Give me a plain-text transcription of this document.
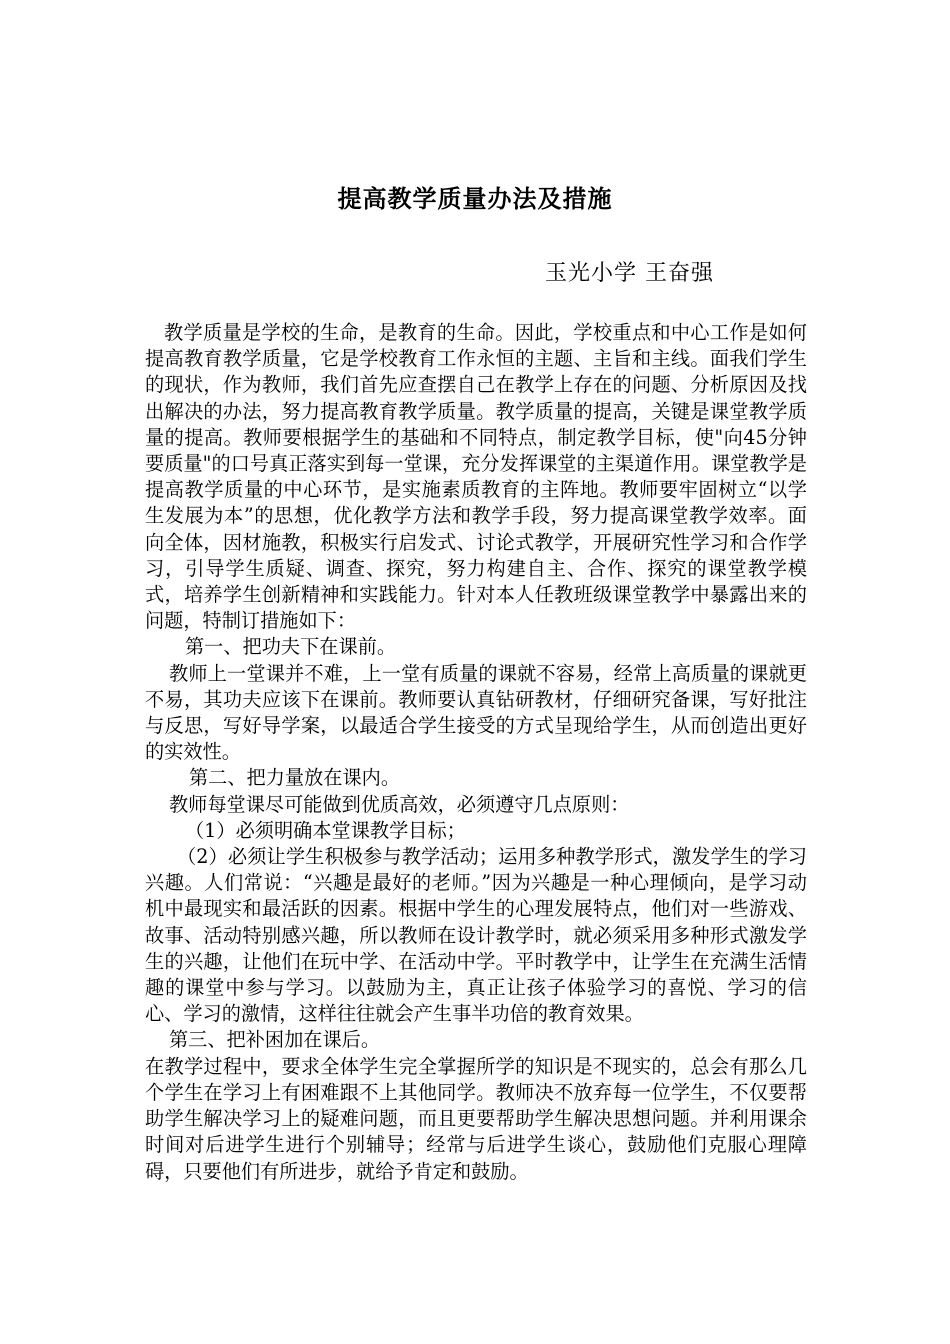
提高教学质量办法及措施
玉光小学 王奋强

教学质量是学校的生命，是教育的生命。因此，学校重点和中心工作是如何提高教育教学质量，它是学校教育工作永恒的主题、主旨和主线。面我们学生的现状，作为教师，我们首先应查摆自己在教学上存在的问题、分析原因及找出解决的办法，努力提高教育教学质量。教学质量的提高，关键是课堂教学质量的提高。教师要根据学生的基础和不同特点，制定教学目标，使"向45分钟要质量"的口号真正落实到每一堂课，充分发挥课堂的主渠道作用。课堂教学是提高教学质量的中心环节，是实施素质教育的主阵地。教师要牢固树立“以学生发展为本”的思想，优化教学方法和教学手段，努力提高课堂教学效率。面向全体，因材施教，积极实行启发式、讨论式教学，开展研究性学习和合作学习，引导学生质疑、调查、探究，努力构建自主、合作、探究的课堂教学模式，培养学生创新精神和实践能力。针对本人任教班级课堂教学中暴露出来的问题，特制订措施如下：

第一、把功夫下在课前。

教师上一堂课并不难，上一堂有质量的课就不容易，经常上高质量的课就更不易，其功夫应该下在课前。教师要认真钻研教材，仔细研究备课，写好批注与反思，写好导学案，以最适合学生接受的方式呈现给学生，从而创造出更好的实效性。

第二、把力量放在课内。

教师每堂课尽可能做到优质高效，必须遵守几点原则：

（1）必须明确本堂课教学目标；

（2）必须让学生积极参与教学活动；运用多种教学形式，激发学生的学习兴趣。人们常说：“兴趣是最好的老师。”因为兴趣是一种心理倾向，是学习动机中最现实和最活跃的因素。根据中学生的心理发展特点，他们对一些游戏、故事、活动特别感兴趣，所以教师在设计教学时，就必须采用多种形式激发学生的兴趣，让他们在玩中学、在活动中学。平时教学中，让学生在充满生活情趣的课堂中参与学习。以鼓励为主，真正让孩子体验学习的喜悦、学习的信心、学习的激情，这样往往就会产生事半功倍的教育效果。

第三、把补困加在课后。

在教学过程中，要求全体学生完全掌握所学的知识是不现实的，总会有那么几个学生在学习上有困难跟不上其他同学。教师决不放弃每一位学生，不仅要帮助学生解决学习上的疑难问题，而且更要帮助学生解决思想问题。并利用课余时间对后进学生进行个别辅导；经常与后进学生谈心，鼓励他们克服心理障碍，只要他们有所进步，就给予肯定和鼓励。
